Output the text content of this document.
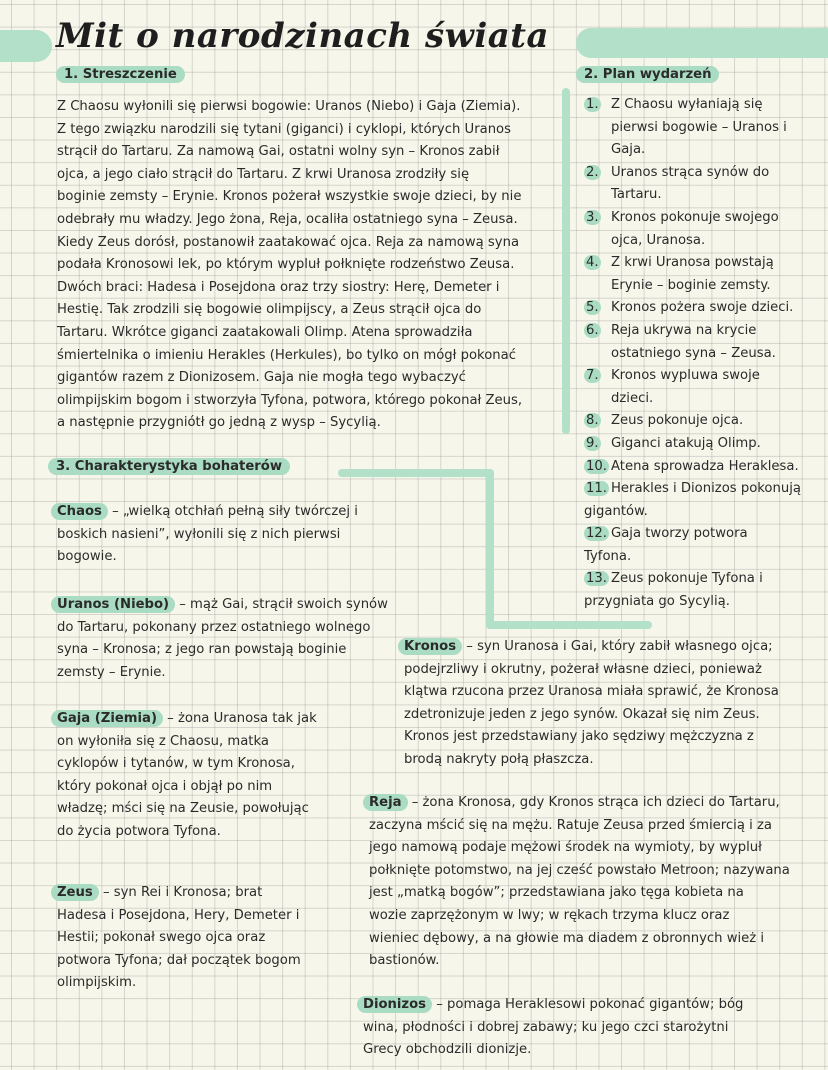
Mit o narodzinach świata
1. Streszczenie
Z Chaosu wyłonili się pierwsi bogowie: Uranos (Niebo) i Gaja (Ziemia).
Z tego związku narodzili się tytani (giganci) i cyklopi, których Uranos
strącił do Tartaru. Za namową Gai, ostatni wolny syn – Kronos zabił
ojca, a jego ciało strącił do Tartaru. Z krwi Uranosa zrodziły się
boginie zemsty – Erynie. Kronos pożerał wszystkie swoje dzieci, by nie
odebrały mu władzy. Jego żona, Reja, ocaliła ostatniego syna – Zeusa.
Kiedy Zeus dorósł, postanowił zaatakować ojca. Reja za namową syna
podała Kronosowi lek, po którym wypluł połknięte rodzeństwo Zeusa.
Dwóch braci: Hadesa i Posejdona oraz trzy siostry: Herę, Demeter i
Hestię. Tak zrodzili się bogowie olimpijscy, a Zeus strącił ojca do
Tartaru. Wkrótce giganci zaatakowali Olimp. Atena sprowadziła
śmiertelnika o imieniu Herakles (Herkules), bo tylko on mógł pokonać
gigantów razem z Dionizosem. Gaja nie mogła tego wybaczyć
olimpijskim bogom i stworzyła Tyfona, potwora, którego pokonał Zeus,
a następnie przygniótł go jedną z wysp – Sycylią.
2. Plan wydarzeń
1. Z Chaosu wyłaniają się
pierwsi bogowie – Uranos i
Gaja.
2. Uranos strąca synów do
Tartaru.
3. Kronos pokonuje swojego
ojca, Uranosa.
4. Z krwi Uranosa powstają
Erynie – boginie zemsty.
5. Kronos pożera swoje dzieci.
6. Reja ukrywa na krycie
ostatniego syna – Zeusa.
7. Kronos wypluwa swoje
dzieci.
8. Zeus pokonuje ojca.
9. Giganci atakują Olimp.
10. Atena sprowadza Heraklesa.
11. Herakles i Dionizos pokonują
gigantów.
12. Gaja tworzy potwora
Tyfona.
13. Zeus pokonuje Tyfona i
przygniata go Sycylią.
3. Charakterystyka bohaterów
Chaos – „wielką otchłań pełną siły twórczej i
boskich nasieni”, wyłonili się z nich pierwsi
bogowie.
Uranos (Niebo) – mąż Gai, strącił swoich synów
do Tartaru, pokonany przez ostatniego wolnego
syna – Kronosa; z jego ran powstają boginie
zemsty – Erynie.
Gaja (Ziemia) – żona Uranosa tak jak
on wyłoniła się z Chaosu, matka
cyklopów i tytanów, w tym Kronosa,
który pokonał ojca i objął po nim
władzę; mści się na Zeusie, powołując
do życia potwora Tyfona.
Zeus – syn Rei i Kronosa; brat
Hadesa i Posejdona, Hery, Demeter i
Hestii; pokonał swego ojca oraz
potwora Tyfona; dał początek bogom
olimpijskim.
Kronos – syn Uranosa i Gai, który zabił własnego ojca;
podejrzliwy i okrutny, pożerał własne dzieci, ponieważ
klątwa rzucona przez Uranosa miała sprawić, że Kronosa
zdetronizuje jeden z jego synów. Okazał się nim Zeus.
Kronos jest przedstawiany jako sędziwy mężczyzna z
brodą nakryty połą płaszcza.
Reja – żona Kronosa, gdy Kronos strąca ich dzieci do Tartaru,
zaczyna mścić się na mężu. Ratuje Zeusa przed śmiercią i za
jego namową podaje mężowi środek na wymioty, by wypluł
połknięte potomstwo, na jej cześć powstało Metroon; nazywana
jest „matką bogów”; przedstawiana jako tęga kobieta na
wozie zaprzężonym w lwy; w rękach trzyma klucz oraz
wieniec dębowy, a na głowie ma diadem z obronnych wież i
bastionów.
Dionizos – pomaga Heraklesowi pokonać gigantów; bóg
wina, płodności i dobrej zabawy; ku jego czci starożytni
Grecy obchodzili dionizje.
